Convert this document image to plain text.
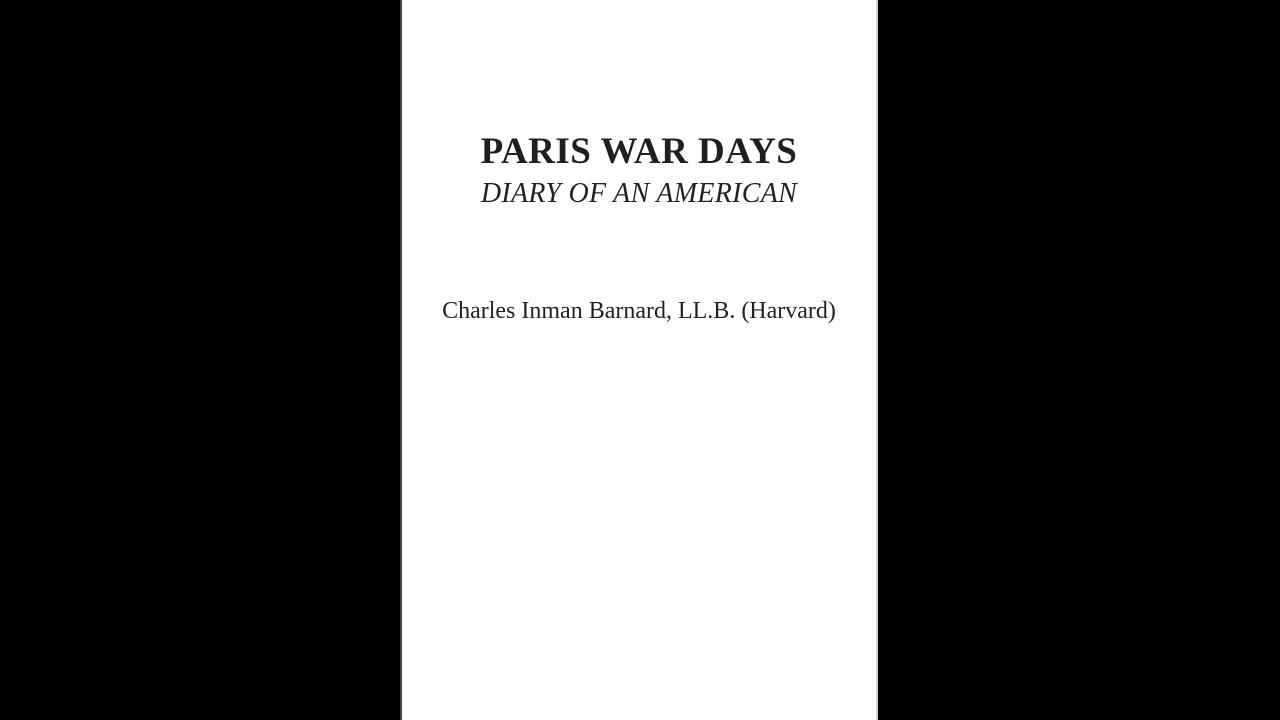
PARIS WAR DAYS
DIARY OF AN AMERICAN

Charles Inman Barnard, LL.B. (Harvard)
